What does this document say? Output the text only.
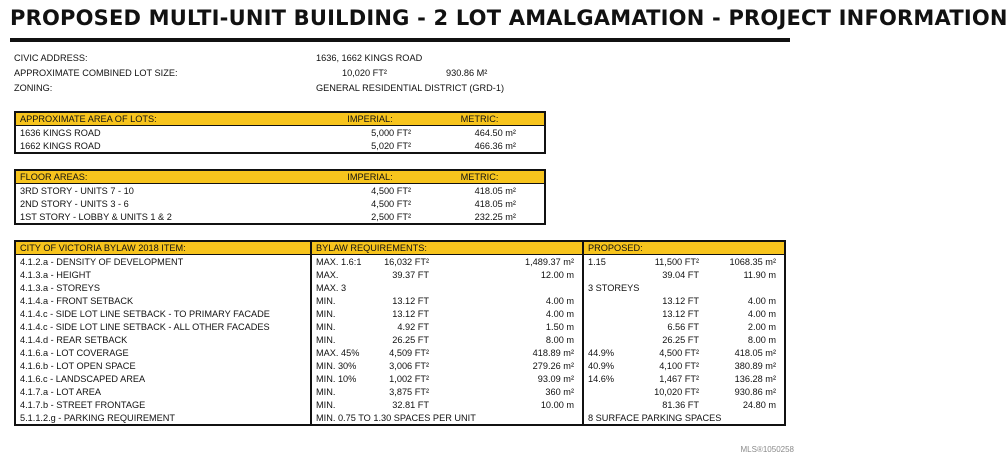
PROPOSED MULTI-UNIT BUILDING - 2 LOT AMALGAMATION - PROJECT INFORMATION
CIVIC ADDRESS:	1636, 1662 KINGS ROAD
APPROXIMATE COMBINED LOT SIZE:	10,020 FT²	930.86 M²
ZONING:	GENERAL RESIDENTIAL DISTRICT (GRD-1)
APPROXIMATE AREA OF LOTS:	IMPERIAL:	METRIC:
1636 KINGS ROAD	5,000 FT²	464.50 m²
1662 KINGS ROAD	5,020 FT²	466.36 m²
FLOOR AREAS:	IMPERIAL:	METRIC:
3RD STORY - UNITS 7 - 10	4,500 FT²	418.05 m²
2ND STORY - UNITS 3 - 6	4,500 FT²	418.05 m²
1ST STORY - LOBBY & UNITS 1 & 2	2,500 FT²	232.25 m²
CITY OF VICTORIA BYLAW 2018 ITEM:	BYLAW REQUIREMENTS:			PROPOSED:		
4.1.2.a - DENSITY OF DEVELOPMENT	MAX. 1.6:1	16,032 FT²	1,489.37 m²	1.15	11,500 FT²	1068.35 m²
4.1.3.a - HEIGHT	MAX.	39.37 FT	12.00 m		39.04 FT	11.90 m
4.1.3.a - STOREYS	MAX. 3			3 STOREYS		
4.1.4.a - FRONT SETBACK	MIN.	13.12 FT	4.00 m		13.12 FT	4.00 m
4.1.4.c - SIDE LOT LINE SETBACK - TO PRIMARY FACADE	MIN.	13.12 FT	4.00 m		13.12 FT	4.00 m
4.1.4.c - SIDE LOT LINE SETBACK - ALL OTHER FACADES	MIN.	4.92 FT	1.50 m		6.56 FT	2.00 m
4.1.4.d - REAR SETBACK	MIN.	26.25 FT	8.00 m		26.25 FT	8.00 m
4.1.6.a - LOT COVERAGE	MAX. 45%	4,509 FT²	418.89 m²	44.9%	4,500 FT²	418.05 m²
4.1.6.b - LOT OPEN SPACE	MIN. 30%	3,006 FT²	279.26 m²	40.9%	4,100 FT²	380.89 m²
4.1.6.c - LANDSCAPED AREA	MIN. 10%	1,002 FT²	93.09 m²	14.6%	1,467 FT²	136.28 m²
4.1.7.a - LOT AREA	MIN.	3,875 FT²	360 m²		10,020 FT²	930.86 m²
4.1.7.b - STREET FRONTAGE	MIN.	32.81 FT	10.00 m		81.36 FT	24.80 m
5.1.1.2.g - PARKING REQUIREMENT	MIN. 0.75 TO 1.30 SPACES PER UNIT			8 SURFACE PARKING SPACES		
MLS®1050258
